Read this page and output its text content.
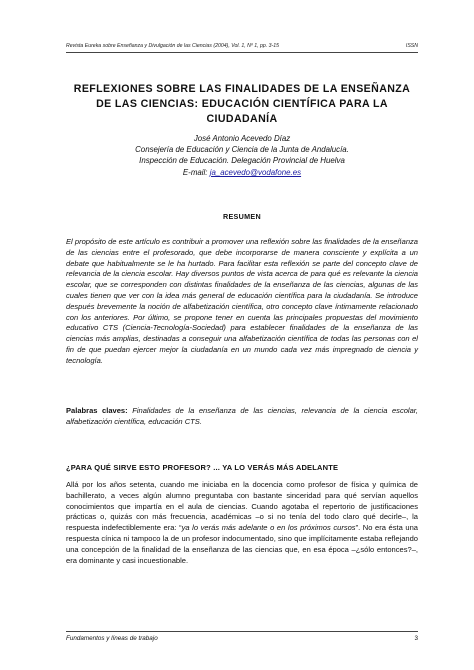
Revista Eureka sobre Enseñanza y Divulgación de las Ciencias (2004), Vol. 1, Nº 1, pp. 3-15	ISSN
REFLEXIONES SOBRE LAS FINALIDADES DE LA ENSEÑANZA
DE LAS CIENCIAS: EDUCACIÓN CIENTÍFICA PARA LA
CIUDADANÍA
José Antonio Acevedo Díaz
Consejería de Educación y Ciencia de la Junta de Andalucía.
Inspección de Educación. Delegación Provincial de Huelva
E-mail: ja_acevedo@vodafone.es
RESUMEN

El propósito de este artículo es contribuir a promover una reflexión sobre las finalidades de la enseñanza de las ciencias entre el profesorado, que debe incorporarse de manera consciente y explícita a un debate que habitualmente se le ha hurtado. Para facilitar esta reflexión se parte del concepto clave de relevancia de la ciencia escolar. Hay diversos puntos de vista acerca de para qué es relevante la ciencia escolar, que se corresponden con distintas finalidades de la enseñanza de las ciencias, algunas de las cuales tienen que ver con la idea más general de educación científica para la ciudadanía. Se introduce después brevemente la noción de alfabetización científica, otro concepto clave íntimamente relacionado con los anteriores. Por último, se propone tener en cuenta las principales propuestas del movimiento educativo CTS (Ciencia-Tecnología-Sociedad) para establecer finalidades de la enseñanza de las ciencias más amplias, destinadas a conseguir una alfabetización científica de todas las personas con el fin de que puedan ejercer mejor la ciudadanía en un mundo cada vez más impregnado de ciencia y tecnología.

Palabras claves: Finalidades de la enseñanza de las ciencias, relevancia de la ciencia escolar, alfabetización científica, educación CTS.

¿PARA QUÉ SIRVE ESTO PROFESOR? ... YA LO VERÁS MÁS ADELANTE

Allá por los años setenta, cuando me iniciaba en la docencia como profesor de física y química de bachillerato, a veces algún alumno preguntaba con bastante sinceridad para qué servían aquellos conocimientos que impartía en el aula de ciencias. Cuando agotaba el repertorio de justificaciones prácticas o, quizás con más frecuencia, académicas –o si no tenía del todo claro qué decirle–, la respuesta indefectiblemente era: “ya lo verás más adelante o en los próximos cursos”. No era ésta una respuesta cínica ni tampoco la de un profesor indocumentado, sino que implícitamente estaba reflejando una concepción de la finalidad de la enseñanza de las ciencias que, en esa época –¿sólo entonces?–, era dominante y casi incuestionable.

Fundamentos y líneas de trabajo	3
